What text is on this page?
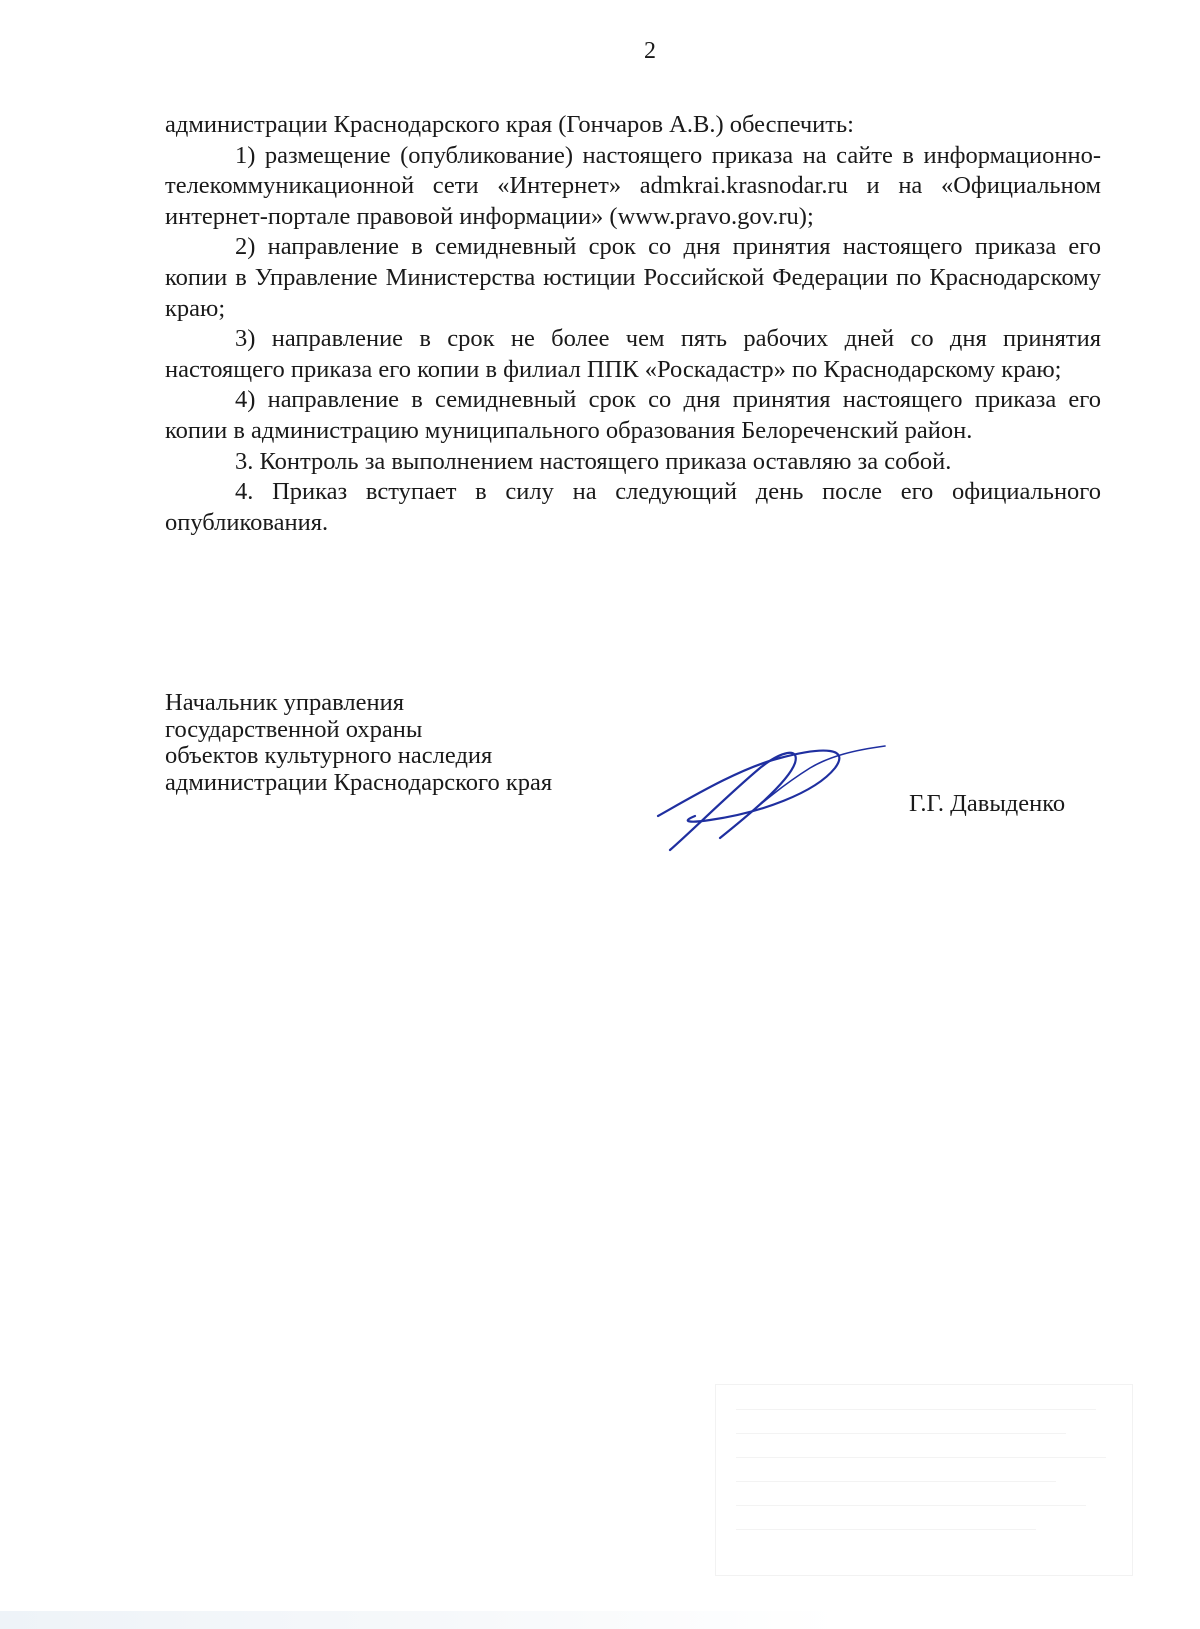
2

администрации Краснодарского края (Гончаров А.В.) обеспечить:

1) размещение (опубликование) настоящего приказа на сайте в информационно-телекоммуникационной сети «Интернет» admkrai.krasnodar.ru и на «Официальном интернет-портале правовой информации» (www.pravo.gov.ru);

2) направление в семидневный срок со дня принятия настоящего приказа его копии в Управление Министерства юстиции Российской Федерации по Краснодарскому краю;

3) направление в срок не более чем пять рабочих дней со дня принятия настоящего приказа его копии в филиал ППК «Роскадастр» по Краснодарскому краю;

4) направление в семидневный срок со дня принятия настоящего приказа его копии в администрацию муниципального образования Белореченский район.

3. Контроль за выполнением настоящего приказа оставляю за собой.

4. Приказ вступает в силу на следующий день после его официального опубликования.

Начальник управления
государственной охраны
объектов культурного наследия
администрации Краснодарского края
Г.Г. Давыденко
